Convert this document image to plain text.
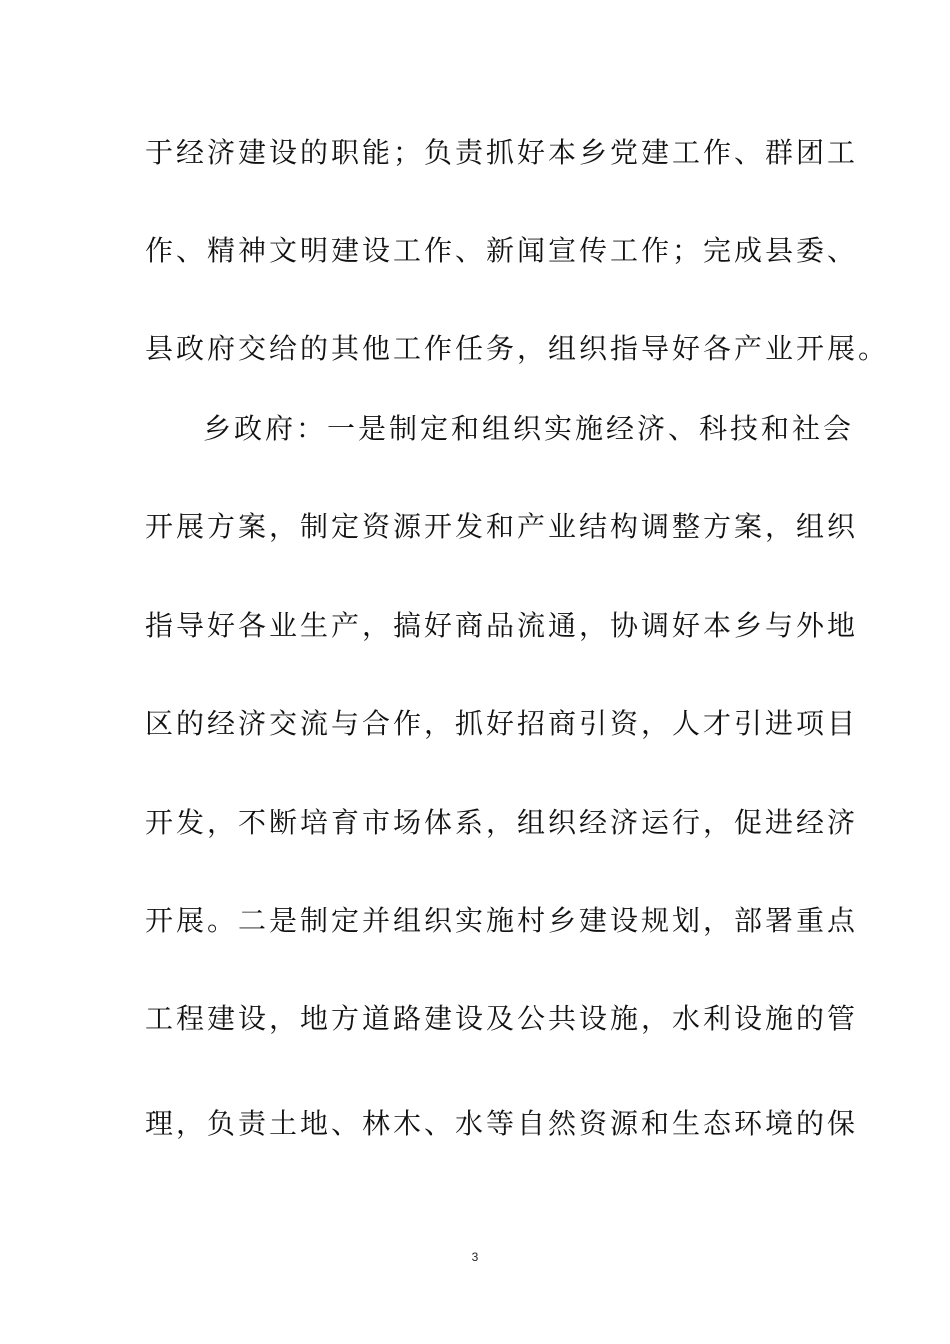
于经济建设的职能；负责抓好本乡党建工作、群团工
作、精神文明建设工作、新闻宣传工作；完成县委、
县政府交给的其他工作任务，组织指导好各产业开展。
乡政府：一是制定和组织实施经济、科技和社会
开展方案，制定资源开发和产业结构调整方案，组织
指导好各业生产，搞好商品流通，协调好本乡与外地
区的经济交流与合作，抓好招商引资，人才引进项目
开发，不断培育市场体系，组织经济运行，促进经济
开展。二是制定并组织实施村乡建设规划，部署重点
工程建设，地方道路建设及公共设施，水利设施的管
理，负责土地、林木、水等自然资源和生态环境的保
3
